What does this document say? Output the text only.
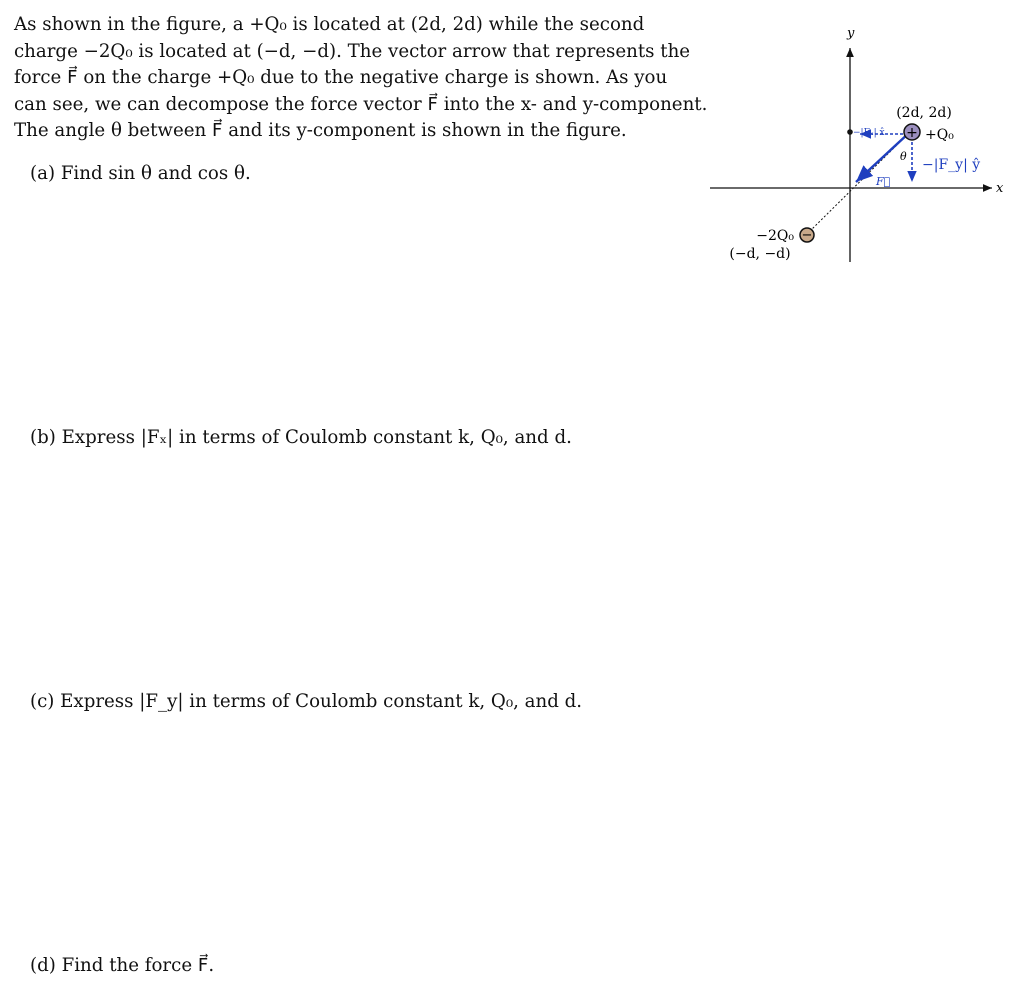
As shown in the figure, a +Q₀ is located at (2d, 2d) while the second
charge −2Q₀ is located at (−d, −d). The vector arrow that represents the
force F⃗ on the charge +Q₀ due to the negative charge is shown. As you
can see, we can decompose the force vector F⃗ into the x- and y-component.
The angle θ between F⃗ and its y-component is shown in the figure.

(a) Find sin θ and cos θ.

(b) Express |Fₓ| in terms of Coulomb constant k, Q₀, and d.

(c) Express |F_y| in terms of Coulomb constant k, Q₀, and d.

(d) Find the force F⃗.

y
x
+
−
(2d, 2d)
+Q₀
θ
−|F_y| ŷ
−|Fₓ| x̂
F⃗
−2Q₀
(−d, −d)
